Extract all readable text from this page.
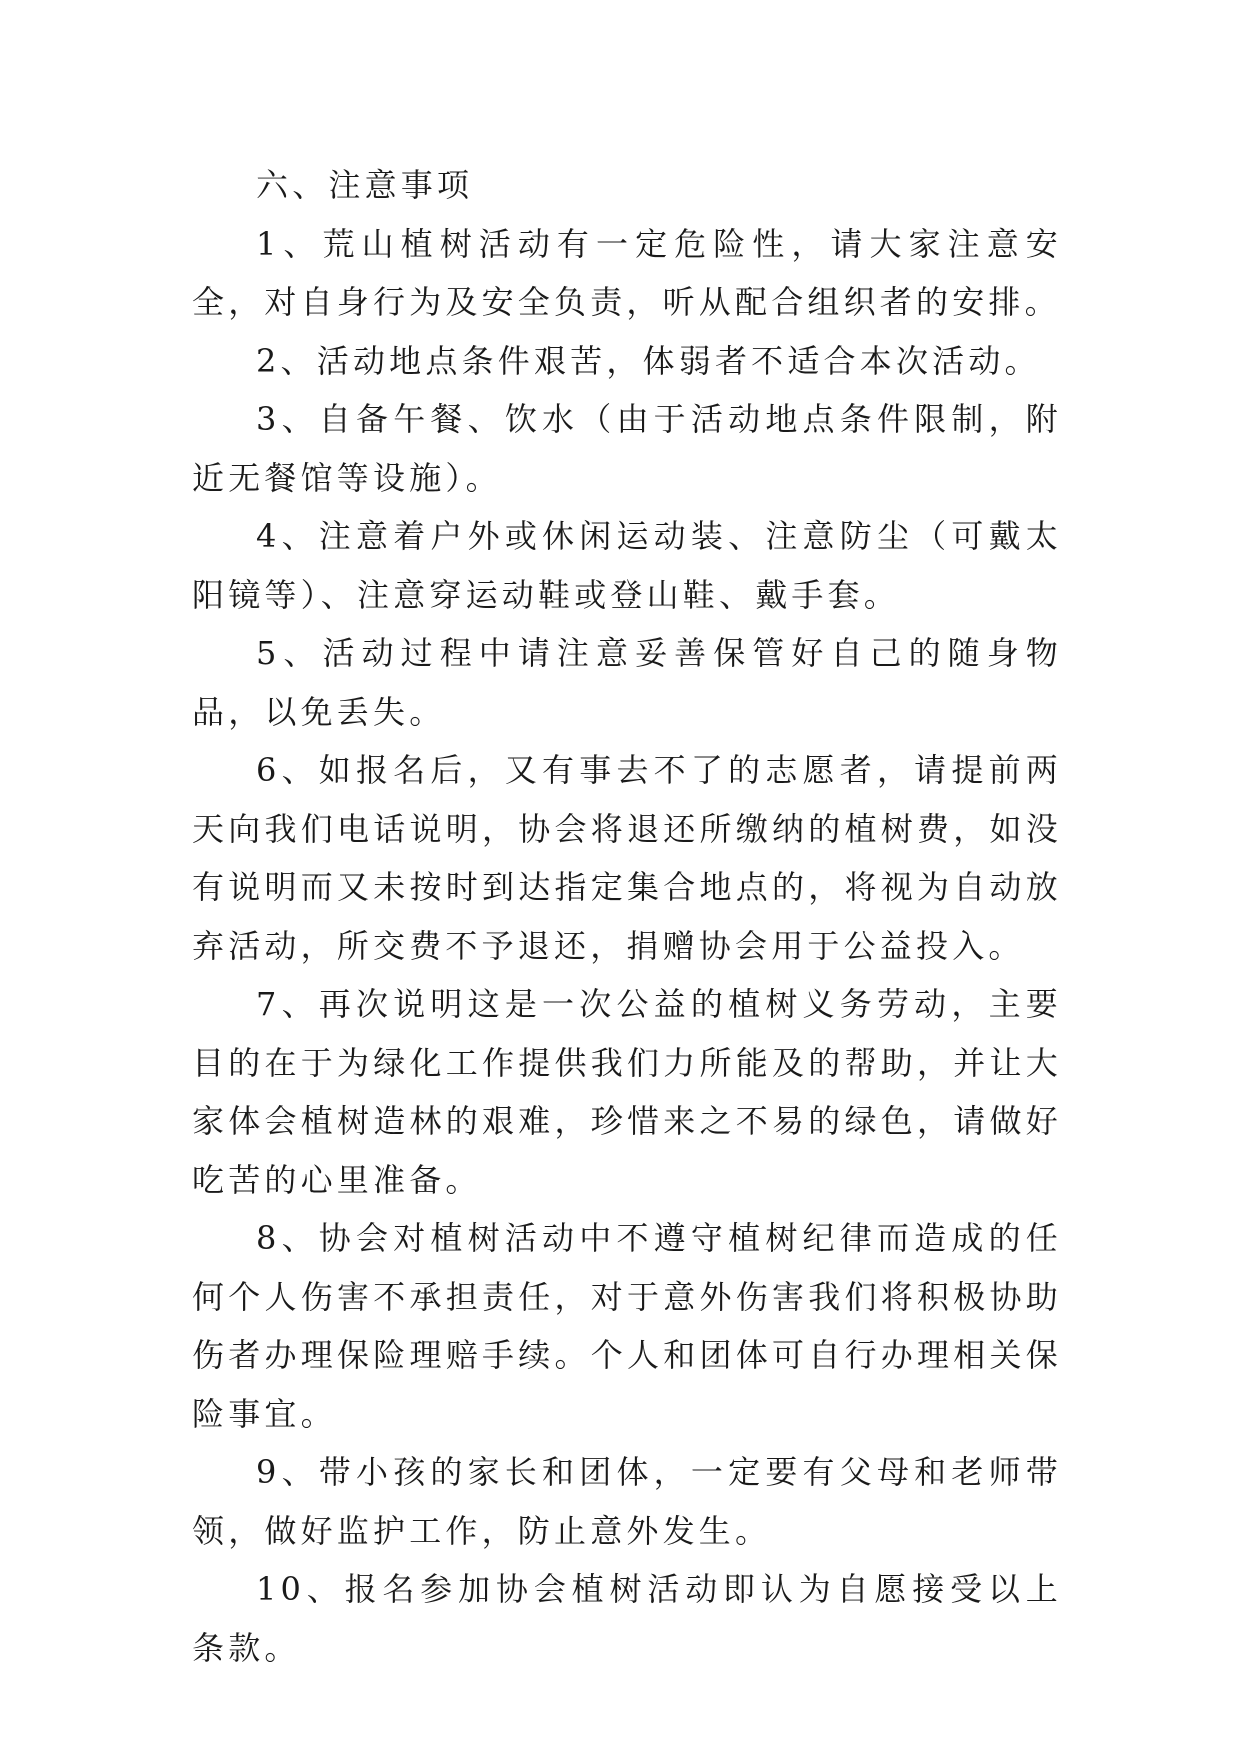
六、注意事项

1、荒山植树活动有一定危险性，请大家注意安全，对自身行为及安全负责，听从配合组织者的安排。

2、活动地点条件艰苦，体弱者不适合本次活动。

3、自备午餐、饮水（由于活动地点条件限制，附近无餐馆等设施）。

4、注意着户外或休闲运动装、注意防尘（可戴太阳镜等）、注意穿运动鞋或登山鞋、戴手套。

5、活动过程中请注意妥善保管好自己的随身物品，以免丢失。

6、如报名后，又有事去不了的志愿者，请提前两天向我们电话说明，协会将退还所缴纳的植树费，如没有说明而又未按时到达指定集合地点的，将视为自动放弃活动，所交费不予退还，捐赠协会用于公益投入。

7、再次说明这是一次公益的植树义务劳动，主要目的在于为绿化工作提供我们力所能及的帮助，并让大家体会植树造林的艰难，珍惜来之不易的绿色，请做好吃苦的心里准备。

8、协会对植树活动中不遵守植树纪律而造成的任何个人伤害不承担责任，对于意外伤害我们将积极协助伤者办理保险理赔手续。个人和团体可自行办理相关保险事宜。

9、带小孩的家长和团体，一定要有父母和老师带领，做好监护工作，防止意外发生。

10、报名参加协会植树活动即认为自愿接受以上条款。
